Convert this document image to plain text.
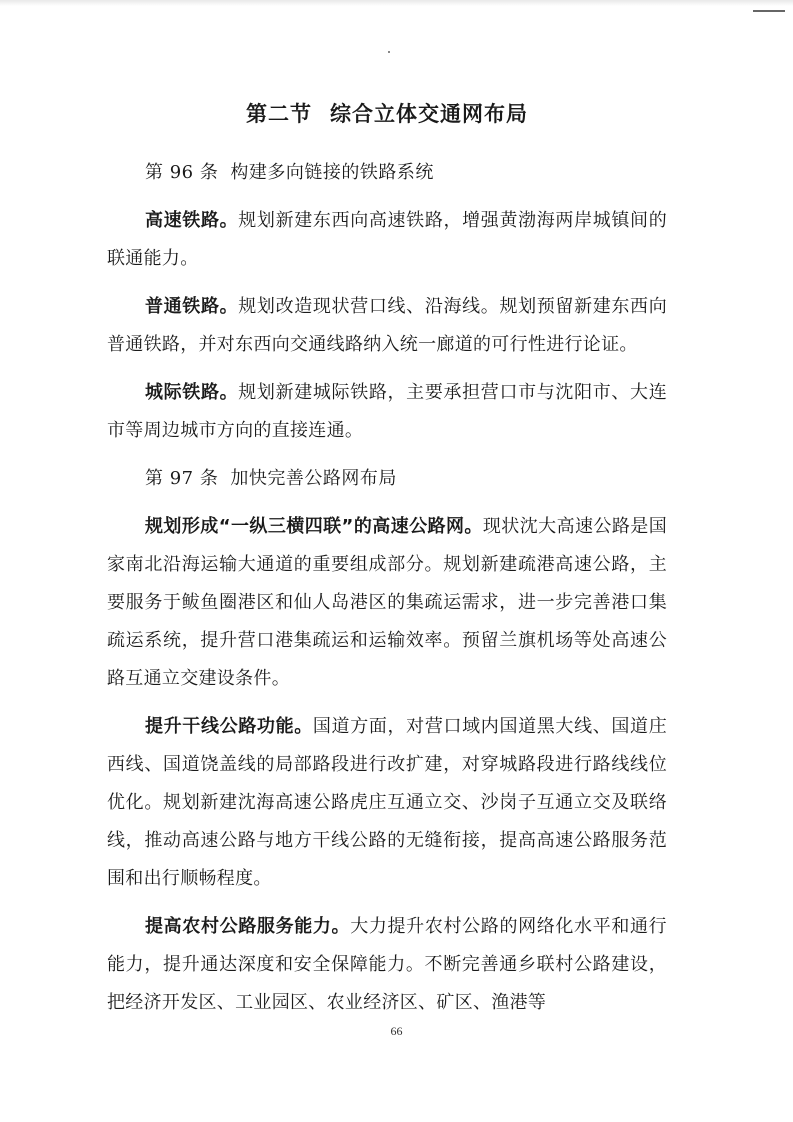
第二节 综合立体交通网布局
第 96 条 构建多向链接的铁路系统

高速铁路。规划新建东西向高速铁路，增强黄渤海两岸城镇间的联通能力。

普通铁路。规划改造现状营口线、沿海线。规划预留新建东西向普通铁路，并对东西向交通线路纳入统一廊道的可行性进行论证。

城际铁路。规划新建城际铁路，主要承担营口市与沈阳市、大连市等周边城市方向的直接连通。

第 97 条 加快完善公路网布局

规划形成“一纵三横四联”的高速公路网。现状沈大高速公路是国家南北沿海运输大通道的重要组成部分。规划新建疏港高速公路，主要服务于鲅鱼圈港区和仙人岛港区的集疏运需求，进一步完善港口集疏运系统，提升营口港集疏运和运输效率。预留兰旗机场等处高速公路互通立交建设条件。

提升干线公路功能。国道方面，对营口域内国道黑大线、国道庄西线、国道饶盖线的局部路段进行改扩建，对穿城路段进行路线线位优化。规划新建沈海高速公路虎庄互通立交、沙岗子互通立交及联络线，推动高速公路与地方干线公路的无缝衔接，提高高速公路服务范围和出行顺畅程度。

提高农村公路服务能力。大力提升农村公路的网络化水平和通行能力，提升通达深度和安全保障能力。不断完善通乡联村公路建设，把经济开发区、工业园区、农业经济区、矿区、渔港等

66
